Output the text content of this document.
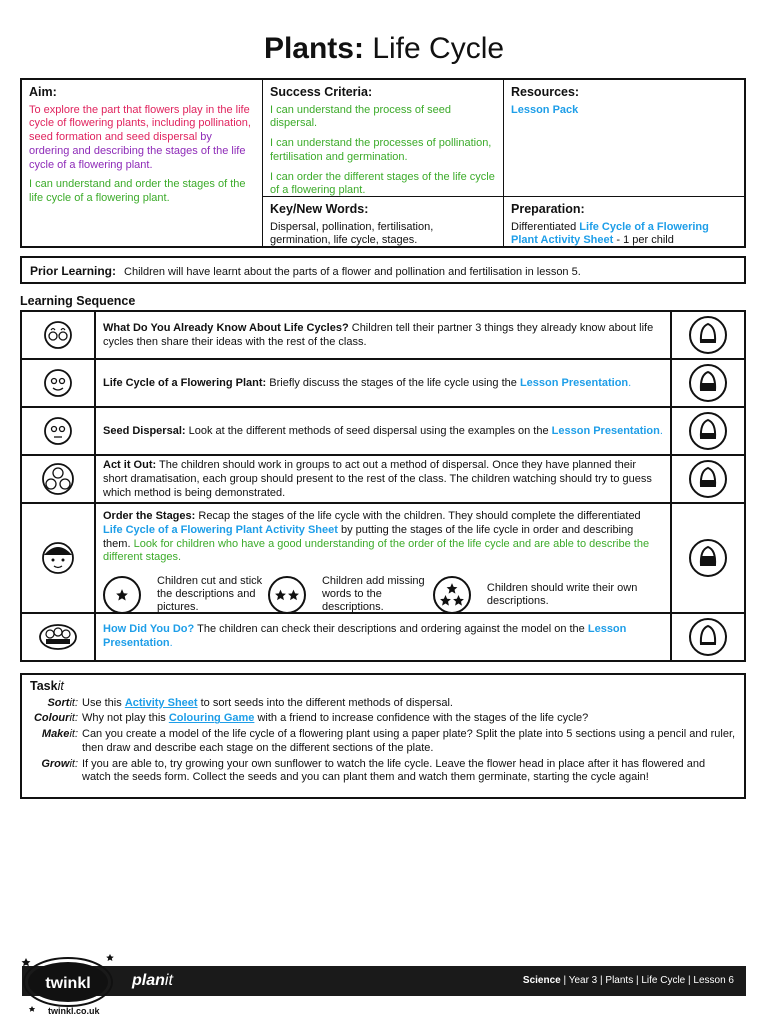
Plants: Life Cycle
Aim:
To explore the part that flowers play in the life cycle of flowering plants, including pollination, seed formation and seed dispersal by ordering and describing the stages of the life cycle of a flowering plant.
I can understand and order the stages of the life cycle of a flowering plant.
Success Criteria:
I can understand the process of seed dispersal.
I can understand the processes of pollination, fertilisation and germination.
I can order the different stages of the life cycle of a flowering plant.
Resources:
Lesson Pack
Key/New Words:
Dispersal, pollination, fertilisation, germination, life cycle, stages.
Preparation:
Differentiated Life Cycle of a Flowering Plant Activity Sheet - 1 per child
Prior Learning: Children will have learnt about the parts of a flower and pollination and fertilisation in lesson 5.
Learning Sequence
What Do You Already Know About Life Cycles? Children tell their partner 3 things they already know about life cycles then share their ideas with the rest of the class.
Life Cycle of a Flowering Plant: Briefly discuss the stages of the life cycle using the Lesson Presentation.
Seed Dispersal: Look at the different methods of seed dispersal using the examples on the Lesson Presentation.
Act it Out: The children should work in groups to act out a method of dispersal. Once they have planned their short dramatisation, each group should present to the rest of the class. The children watching should try to guess which method is being demonstrated.
Order the Stages: Recap the stages of the life cycle with the children. They should complete the differentiated Life Cycle of a Flowering Plant Activity Sheet by putting the stages of the life cycle in order and describing them. Look for children who have a good understanding of the order of the life cycle and are able to describe the different stages.
Children cut and stick the descriptions and pictures.
Children add missing words to the descriptions.
Children should write their own descriptions.
How Did You Do? The children can check their descriptions and ordering against the model on the Lesson Presentation.
Taskit
Sortit: Use this Activity Sheet to sort seeds into the different methods of dispersal.
Colourit: Why not play this Colouring Game with a friend to increase confidence with the stages of the life cycle?
Makeit: Can you create a model of the life cycle of a flowering plant using a paper plate? Split the plate into 5 sections using a pencil and ruler, then draw and describe each stage on the different sections of the plate.
Growit: If you are able to, try growing your own sunflower to watch the life cycle. Leave the flower head in place after it has flowered and watch the seeds form. Collect the seeds and you can plant them and watch them germinate, starting the cycle again!
planit	Science | Year 3 | Plants | Life Cycle | Lesson 6
twinkl
twinkl.co.uk
